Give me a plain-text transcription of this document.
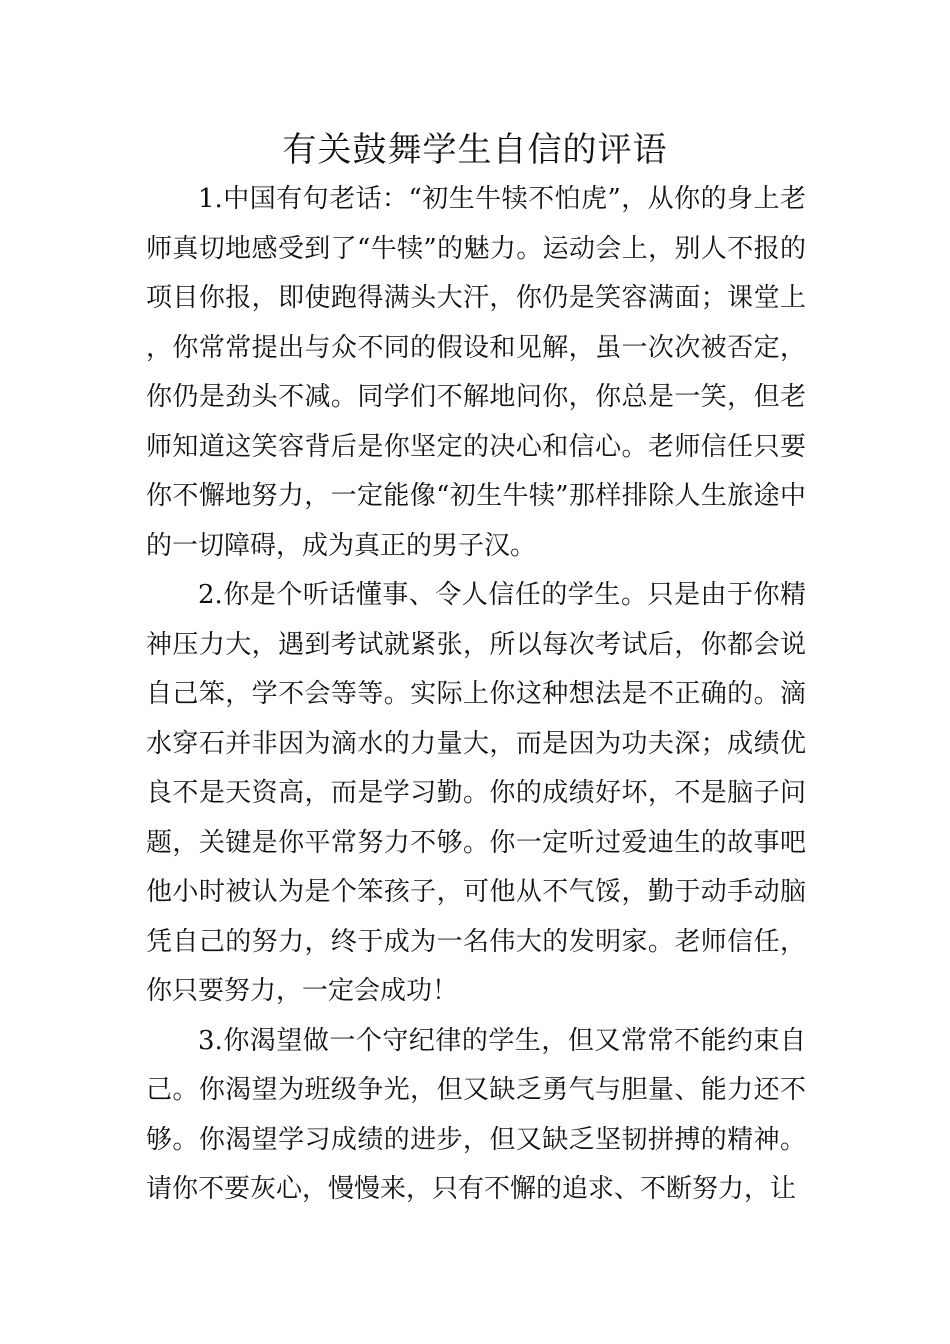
有关鼓舞学生自信的评语

1.中国有句老话：“初生牛犊不怕虎”，从你的身上老师真切地感受到了“牛犊”的魅力。运动会上，别人不报的项目你报，即使跑得满头大汗，你仍是笑容满面；课堂上，你常常提出与众不同的假设和见解，虽一次次被否定，你仍是劲头不减。同学们不解地问你，你总是一笑，但老师知道这笑容背后是你坚定的决心和信心。老师信任只要你不懈地努力，一定能像“初生牛犊”那样排除人生旅途中的一切障碍，成为真正的男子汉。

2.你是个听话懂事、令人信任的学生。只是由于你精神压力大，遇到考试就紧张，所以每次考试后，你都会说自己笨，学不会等等。实际上你这种想法是不正确的。滴水穿石并非因为滴水的力量大，而是因为功夫深；成绩优良不是天资高，而是学习勤。你的成绩好坏，不是脑子问题，关键是你平常努力不够。你一定听过爱迪生的故事吧他小时被认为是个笨孩子，可他从不气馁，勤于动手动脑凭自己的努力，终于成为一名伟大的发明家。老师信任，你只要努力，一定会成功！

3.你渴望做一个守纪律的学生，但又常常不能约束自己。你渴望为班级争光，但又缺乏勇气与胆量、能力还不够。你渴望学习成绩的进步，但又缺乏坚韧拼搏的精神。请你不要灰心，慢慢来，只有不懈的追求、不断努力，让
